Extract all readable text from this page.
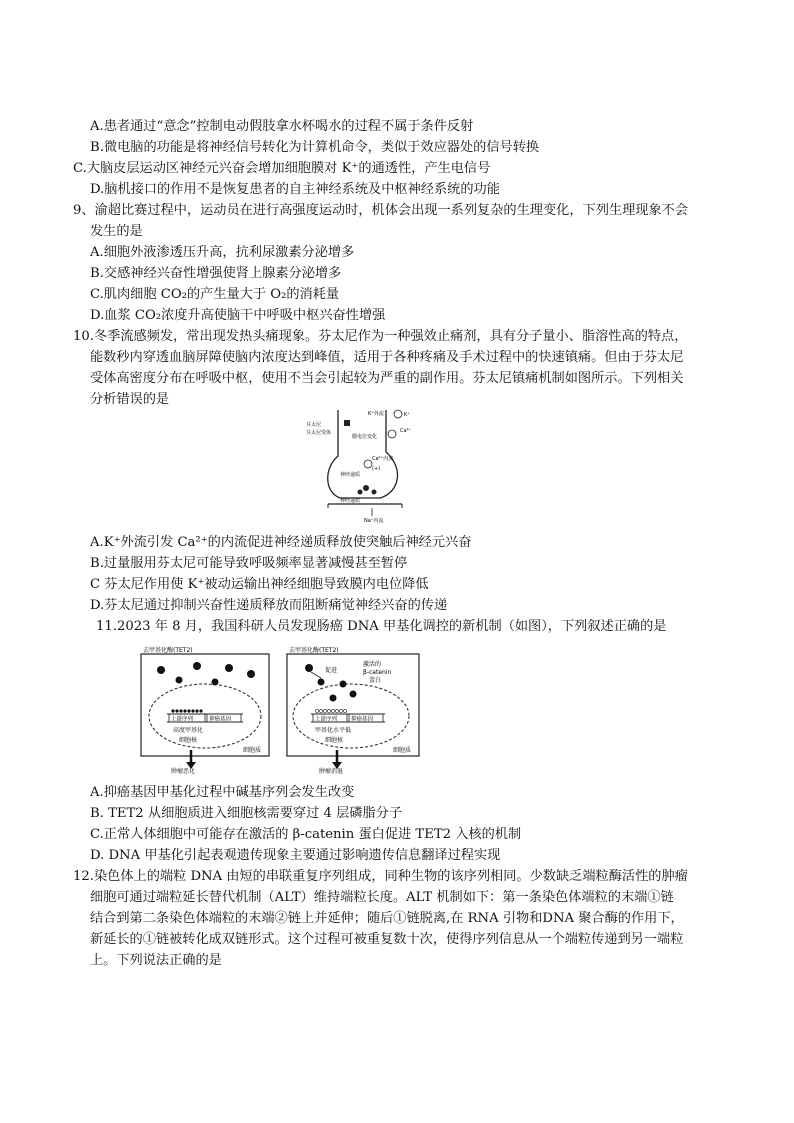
A.患者通过“意念”控制电动假肢拿水杯喝水的过程不属于条件反射
B.微电脑的功能是将神经信号转化为计算机命令，类似于效应器处的信号转换
C.大脑皮层运动区神经元兴奋会增加细胞膜对 K⁺的通透性，产生电信号
D.脑机接口的作用不是恢复患者的自主神经系统及中枢神经系统的功能
9、渝超比赛过程中，运动员在进行高强度运动时，机体会出现一系列复杂的生理变化，下列生理现象不会
发生的是
A.细胞外液渗透压升高，抗利尿激素分泌增多
B.交感神经兴奋性增强使肾上腺素分泌增多
C.肌肉细胞 CO₂的产生量大于 O₂的消耗量
D.血浆 CO₂浓度升高使脑干中呼吸中枢兴奋性增强
10.冬季流感频发，常出现发热头痛现象。芬太尼作为一种强效止痛剂，具有分子量小、脂溶性高的特点，
能数秒内穿透血脑屏障使脑内浓度达到峰值，适用于各种疼痛及手术过程中的快速镇痛。但由于芬太尼
受体高密度分布在呼吸中枢，使用不当会引起较为严重的副作用。芬太尼镇痛机制如图所示。下列相关
分析错误的是
K⁺外流	K⁺
芬太尼
芬太尼受体
膜电位变化
Ca²⁺
Ca²⁺内流
(+)
神经递质
神经递质
Na⁺内流
A.K⁺外流引发 Ca²⁺的内流促进神经递质释放使突触后神经元兴奋
B.过量服用芬太尼可能导致呼吸频率显著减慢甚至暂停
C 芬太尼作用使 K⁺被动运输出神经细胞导致膜内电位降低
D.芬太尼通过抑制兴奋性递质释放而阻断痛觉神经兴奋的传递
11.2023 年 8 月，我国科研人员发现肠癌 DNA 甲基化调控的新机制（如图），下列叙述正确的是
去甲基化酶(TET2)
上游序列	抑癌基因
高度甲基化
细胞核
细胞质
肿瘤恶化
去甲基化酶(TET2)
促进
激活的
β-catenin
蛋白
上游序列	抑癌基因
甲基化水平低
细胞核
细胞质
肿瘤消退
A.抑癌基因甲基化过程中碱基序列会发生改变
B. TET2 从细胞质进入细胞核需要穿过 4 层磷脂分子
C.正常人体细胞中可能存在激活的 β-catenin 蛋白促进 TET2 入核的机制
D. DNA 甲基化引起表观遗传现象主要通过影响遗传信息翻译过程实现
12.染色体上的端粒 DNA 由短的串联重复序列组成，同种生物的该序列相同。少数缺乏端粒酶活性的肿瘤
细胞可通过端粒延长替代机制（ALT）维持端粒长度。ALT 机制如下：第一条染色体端粒的末端①链
结合到第二条染色体端粒的末端②链上并延伸；随后①链脱离,在 RNA 引物和DNA 聚合酶的作用下，
新延长的①链被转化成双链形式。这个过程可被重复数十次，使得序列信息从一个端粒传递到另一端粒
上。下列说法正确的是
